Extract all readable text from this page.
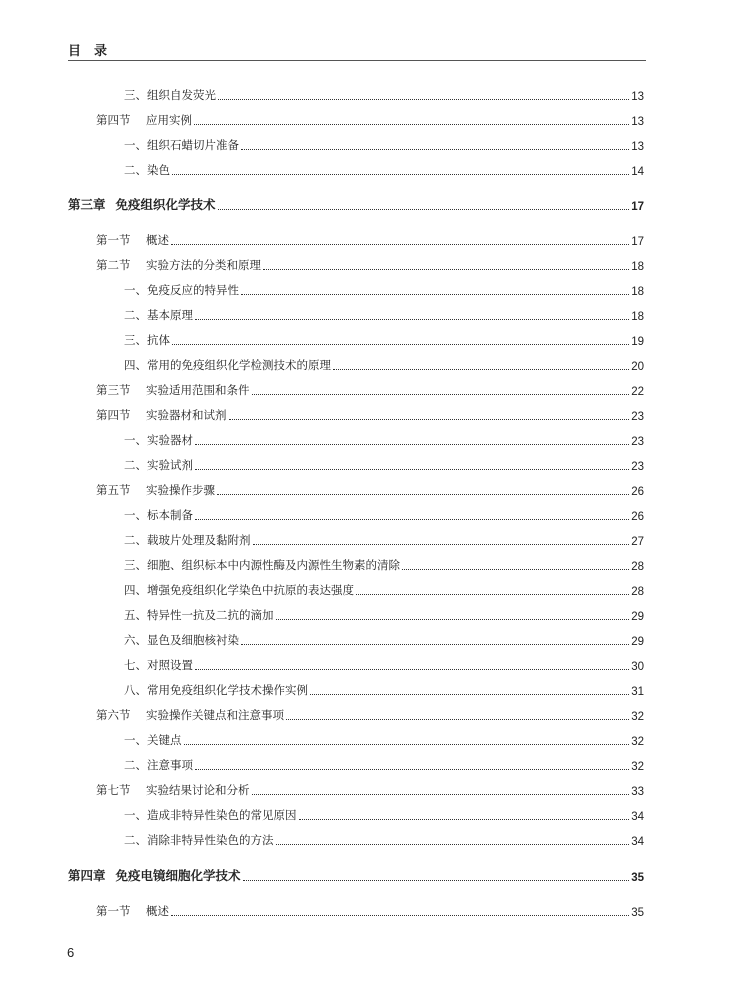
目　录
三、组织自发荧光	13
第四节	应用实例	13
一、组织石蜡切片准备	13
二、染色	14
第三章 免疫组织化学技术	17
第一节	概述	17
第二节	实验方法的分类和原理	18
一、免疫反应的特异性	18
二、基本原理	18
三、抗体	19
四、常用的免疫组织化学检测技术的原理	20
第三节	实验适用范围和条件	22
第四节	实验器材和试剂	23
一、实验器材	23
二、实验试剂	23
第五节	实验操作步骤	26
一、标本制备	26
二、载玻片处理及黏附剂	27
三、细胞、组织标本中内源性酶及内源性生物素的清除	28
四、增强免疫组织化学染色中抗原的表达强度	28
五、特异性一抗及二抗的滴加	29
六、显色及细胞核衬染	29
七、对照设置	30
八、常用免疫组织化学技术操作实例	31
第六节	实验操作关键点和注意事项	32
一、关键点	32
二、注意事项	32
第七节	实验结果讨论和分析	33
一、造成非特异性染色的常见原因	34
二、消除非特异性染色的方法	34
第四章 免疫电镜细胞化学技术	35
第一节	概述	35
6
